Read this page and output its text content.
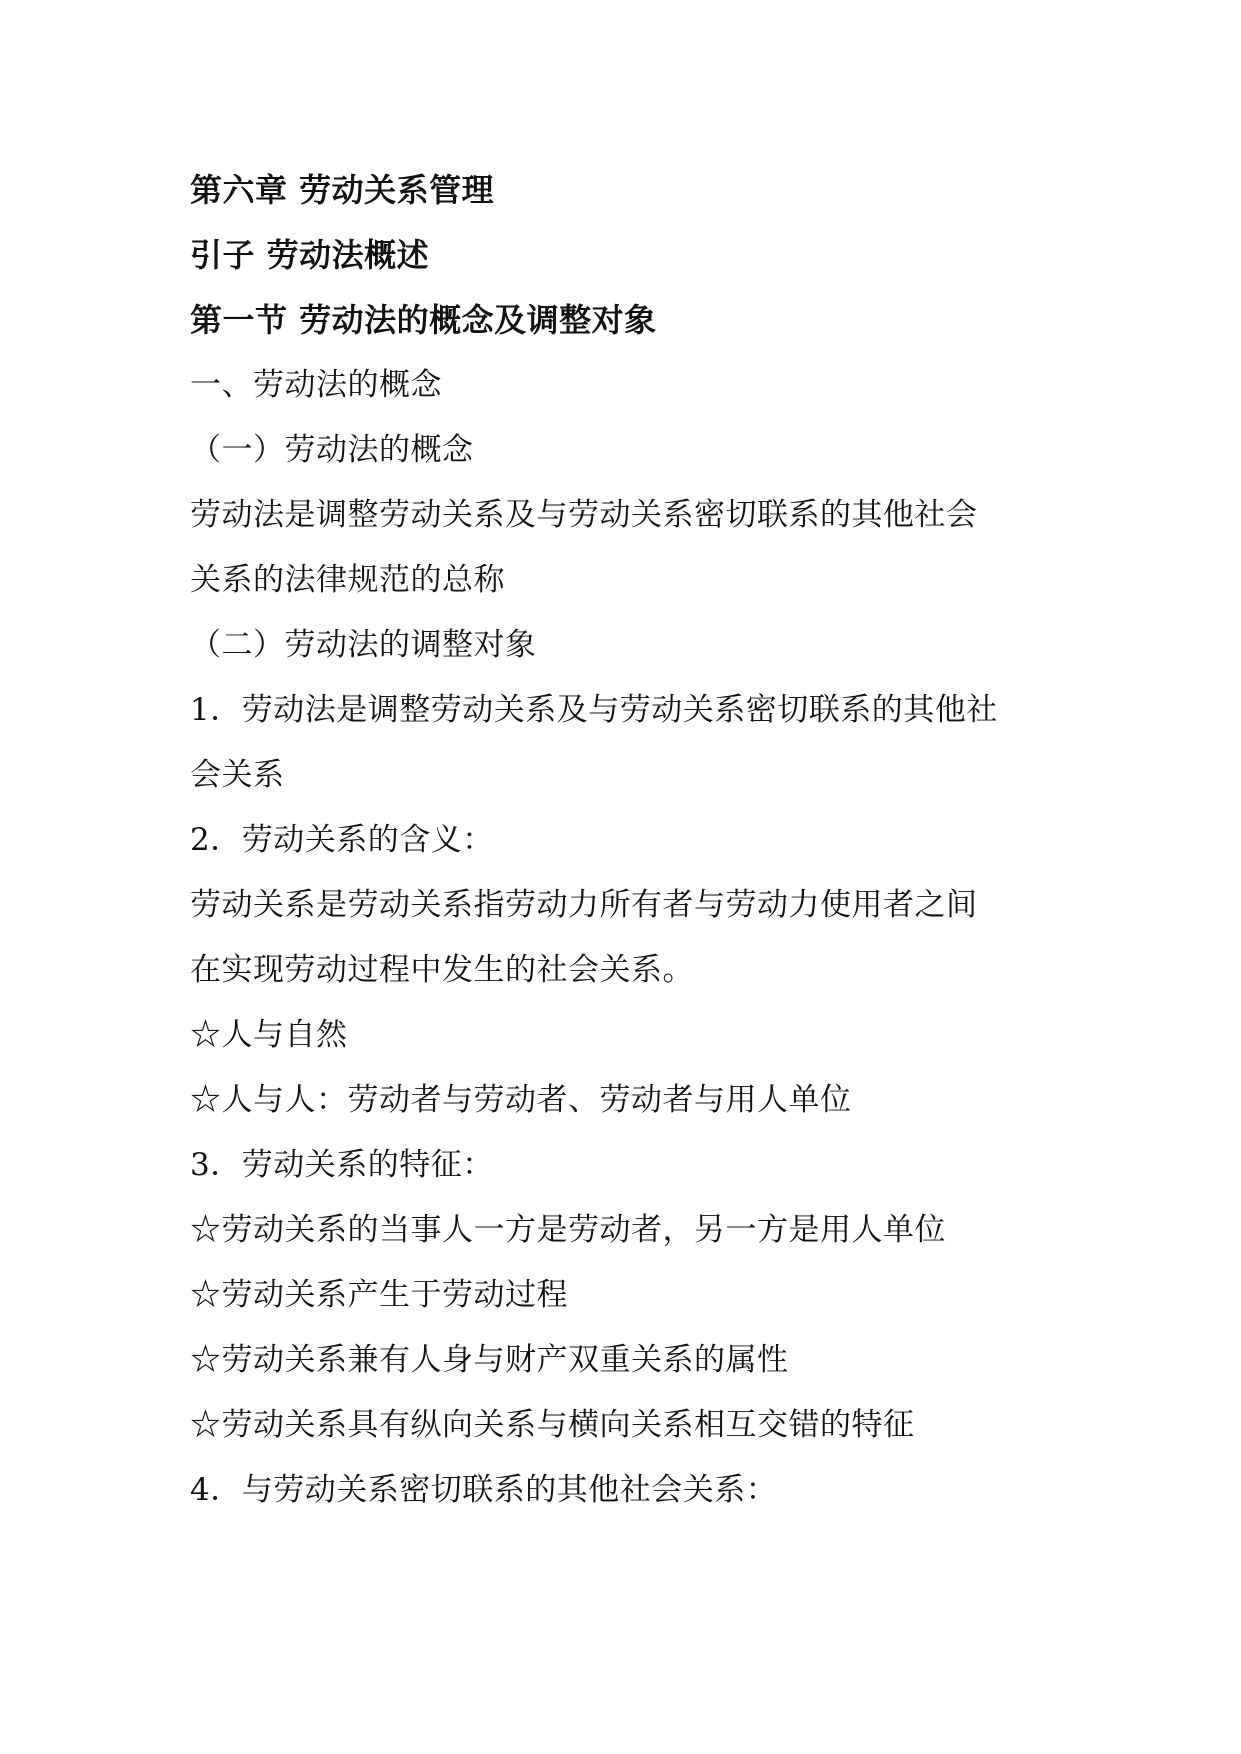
第六章 劳动关系管理
引子 劳动法概述
第一节 劳动法的概念及调整对象
一、劳动法的概念
（一）劳动法的概念
劳动法是调整劳动关系及与劳动关系密切联系的其他社会
关系的法律规范的总称
（二）劳动法的调整对象
1．劳动法是调整劳动关系及与劳动关系密切联系的其他社
会关系
2．劳动关系的含义：
劳动关系是劳动关系指劳动力所有者与劳动力使用者之间
在实现劳动过程中发生的社会关系。
☆人与自然
☆人与人：劳动者与劳动者、劳动者与用人单位
3．劳动关系的特征：
☆劳动关系的当事人一方是劳动者，另一方是用人单位
☆劳动关系产生于劳动过程
☆劳动关系兼有人身与财产双重关系的属性
☆劳动关系具有纵向关系与横向关系相互交错的特征
4．与劳动关系密切联系的其他社会关系：
